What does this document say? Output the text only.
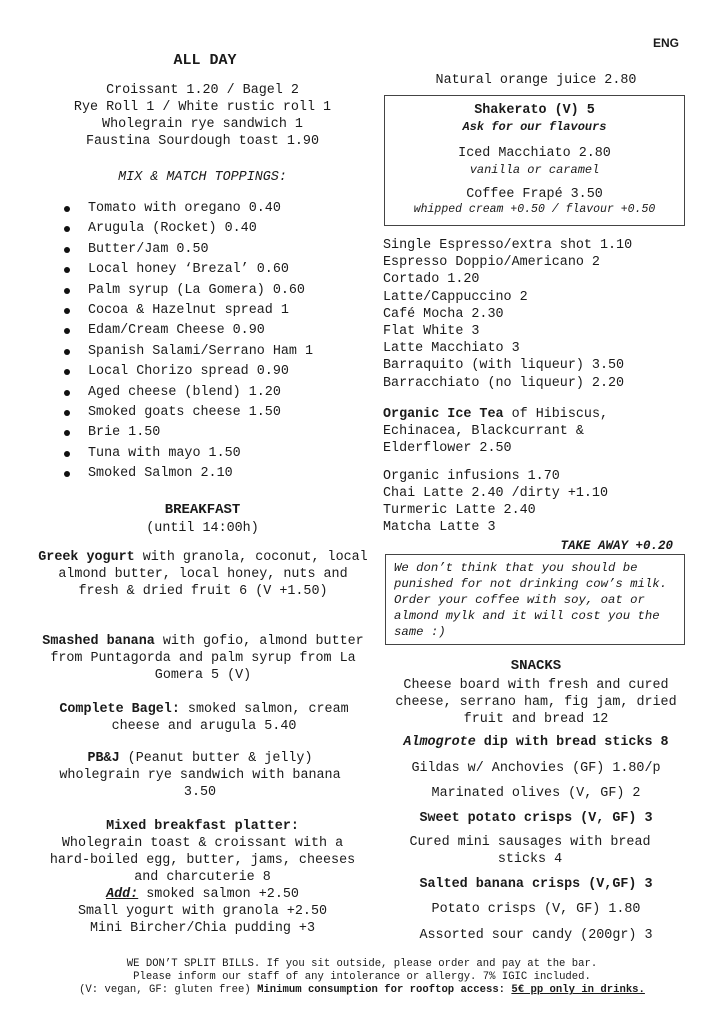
ENG
ALL DAY
Croissant 1.20 / Bagel 2
Rye Roll 1 / White rustic roll 1
Wholegrain rye sandwich 1
Faustina Sourdough toast 1.90
MIX & MATCH TOPPINGS:
Tomato with oregano 0.40
Arugula (Rocket) 0.40
Butter/Jam 0.50
Local honey ‘Brezal’ 0.60
Palm syrup (La Gomera) 0.60
Cocoa & Hazelnut spread 1
Edam/Cream Cheese 0.90
Spanish Salami/Serrano Ham 1
Local Chorizo spread 0.90
Aged cheese (blend) 1.20
Smoked goats cheese 1.50
Brie 1.50
Tuna with mayo 1.50
Smoked Salmon 2.10
BREAKFAST
(until 14:00h)
Greek yogurt with granola, coconut, local almond butter, local honey, nuts and fresh & dried fruit 6 (V +1.50)
Smashed banana with gofio, almond butter from Puntagorda and palm syrup from La Gomera 5 (V)
Complete Bagel: smoked salmon, cream cheese and arugula 5.40
PB&J (Peanut butter & jelly) wholegrain rye sandwich with banana 3.50
Mixed breakfast platter:
Wholegrain toast & croissant with a hard-boiled egg, butter, jams, cheeses and charcuterie 8
Add: smoked salmon +2.50
Small yogurt with granola +2.50
Mini Bircher/Chia pudding +3
Natural orange juice 2.80
Shakerato (V) 5
Ask for our flavours
Iced Macchiato 2.80
vanilla or caramel
Coffee Frapé 3.50
whipped cream +0.50 / flavour +0.50
Single Espresso/extra shot 1.10
Espresso Doppio/Americano 2
Cortado 1.20
Latte/Cappuccino 2
Café Mocha 2.30
Flat White 3
Latte Macchiato 3
Barraquito (with liqueur) 3.50
Barracchiato (no liqueur) 2.20
Organic Ice Tea of Hibiscus, Echinacea, Blackcurrant & Elderflower 2.50
Organic infusions 1.70
Chai Latte 2.40 /dirty +1.10
Turmeric Latte 2.40
Matcha Latte 3
TAKE AWAY +0.20
We don’t think that you should be punished for not drinking cow’s milk. Order your coffee with soy, oat or almond mylk and it will cost you the same :)
SNACKS
Cheese board with fresh and cured cheese, serrano ham, fig jam, dried fruit and bread 12
Almogrote dip with bread sticks 8
Gildas w/ Anchovies (GF) 1.80/p
Marinated olives (V, GF) 2
Sweet potato crisps (V, GF) 3
Cured mini sausages with bread sticks 4
Salted banana crisps (V,GF) 3
Potato crisps (V, GF) 1.80
Assorted sour candy (200gr) 3
WE DON’T SPLIT BILLS. If you sit outside, please order and pay at the bar.
Please inform our staff of any intolerance or allergy. 7% IGIC included.
(V: vegan, GF: gluten free) Minimum consumption for rooftop access: 5€ pp only in drinks.
